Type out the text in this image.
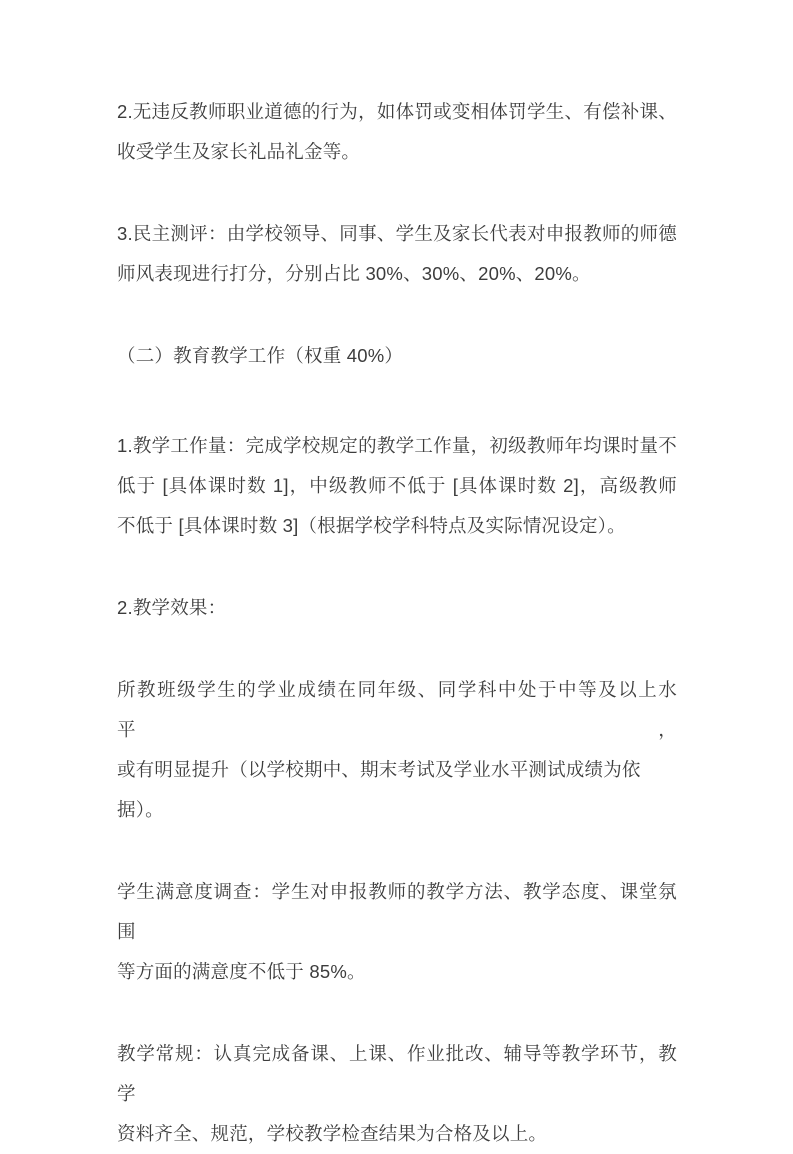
2.无违反教师职业道德的行为，如体罚或变相体罚学生、有偿补课、
收受学生及家长礼品礼金等。
3.民主测评：由学校领导、同事、学生及家长代表对申报教师的师德
师风表现进行打分，分别占比 30%、30%、20%、20%。
（二）教育教学工作（权重 40%）
1.教学工作量：完成学校规定的教学工作量，初级教师年均课时量不
低于 [具体课时数 1]，中级教师不低于 [具体课时数 2]，高级教师
不低于 [具体课时数 3]（根据学校学科特点及实际情况设定）。
2.教学效果：
所教班级学生的学业成绩在同年级、同学科中处于中等及以上水平，
或有明显提升（以学校期中、期末考试及学业水平测试成绩为依据）。
学生满意度调查：学生对申报教师的教学方法、教学态度、课堂氛围
等方面的满意度不低于 85%。
教学常规：认真完成备课、上课、作业批改、辅导等教学环节，教学
资料齐全、规范，学校教学检查结果为合格及以上。
